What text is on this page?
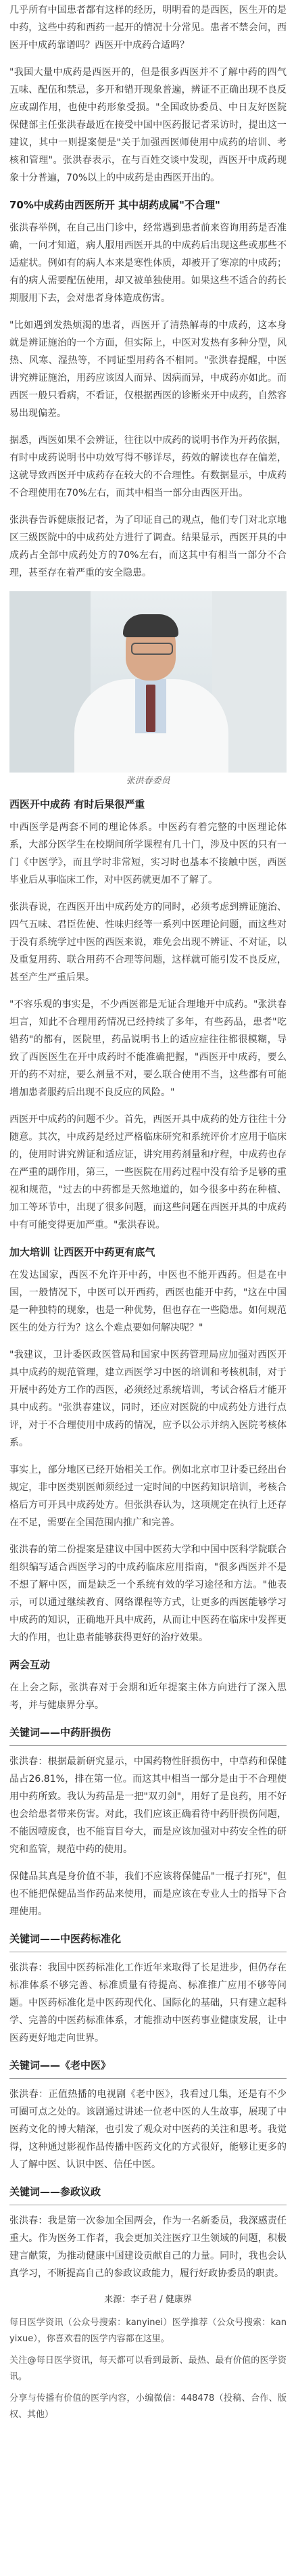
几乎所有中国患者都有这样的经历，明明看的是西医，医生开的是中药，这些中药和西药一起开的情况十分常见。患者不禁会问，西医开中成药靠谱吗？西医开中成药合适吗？

"我国大量中成药是西医开的，但是很多西医并不了解中药的四气五味、配伍和禁忌，多开和错开现象普遍，辨证不正确出现不良反应或副作用，也使中药形象受损。"全国政协委员、中日友好医院保健部主任张洪春最近在接受中国中医药报记者采访时，提出这一建议，其中一则提案便是"关于加强西医师使用中成药的培训、考核和管理"。张洪春表示，在与百姓交谈中发现，西医开中成药现象十分普遍，70%以上的中成药是由西医开出的。

70%中成药由西医所开 其中胡药成属"不合理"

张洪春举例，在自己出门诊中，经常遇到患者前来咨询用药是否准确，一问才知道，病人服用西医开具的中成药后出现这些或那些不适症状。例如有的病人本来是寒性体质，却被开了寒凉的中成药；有的病人需要配伍使用，却又被单独使用。如果这些不适合的药长期服用下去，会对患者身体造成伤害。

"比如遇到发热烦渴的患者，西医开了清热解毒的中成药，这本身就是辨证施治的一个方面，但实际上，中医对发热有多种分型，风热、风寒、湿热等，不同证型用药各不相同。"张洪春提醒，中医讲究辨证施治，用药应该因人而异、因病而异，中成药亦如此。而西医一般只看病，不看证，仅根据西医的诊断来开中成药，自然容易出现偏差。

据悉，西医如果不会辨证，往往以中成药的说明书作为开药依据，有时中成药说明书中功效写得不够详尽，药效的解读也存在偏差，这就导致西医开中成药存在较大的不合理性。有数据显示，中成药不合理使用在70%左右，而其中相当一部分由西医开出。

张洪春告诉健康报记者，为了印证自己的观点，他们专门对北京地区三级医院中的中成药处方进行了调查。结果显示，西医开具的中成药占全部中成药处方的70%左右，而这其中有相当一部分不合理，甚至存在着严重的安全隐患。

张洪春委员
西医开中成药 有时后果很严重

中西医学是两套不同的理论体系。中医药有着完整的中医理论体系，大部分医学生在校期间所学课程有几十门，涉及中医的只有一门《中医学》，而且学时非常短，实习时也基本不接触中医，西医毕业后从事临床工作，对中医药就更加不了解了。

张洪春说，在西医开出中成药处方的同时，必须考虑到辨证施治、四气五味、君臣佐使、性味归经等一系列中医理论问题，而这些对于没有系统学过中医的西医来说，难免会出现不辨证、不对证，以及重复用药、联合用药不合理等问题，这样就可能引发不良反应，甚至产生严重后果。

"不容乐观的事实是，不少西医都是无证合理地开中成药。"张洪春坦言，知此不合理用药情况已经持续了多年，有些药品，患者"吃错药"的都有，医院里，药品说明书上的适应症往往都很模糊，导致了西医医生在开中成药时不能准确把握，"西医开中成药，要么开的药不对症，要么剂量不对，要么联合使用不当，这些都有可能增加患者服药后出现不良反应的风险。"

西医开中成药的问题不少。首先，西医开具中成药的处方往往十分随意。其次，中成药是经过严格临床研究和系统评价才应用于临床的，使用时讲究辨证和适应证，讲究用药剂量和疗程，中成药也存在严重的副作用，第三，一些医院在用药过程中没有给予足够的重视和规范，"过去的中药都是天然地道的，如今很多中药在种植、加工等环节中，出现了很多问题，而这些问题在西医开具的中成药中有可能变得更加严重。"张洪春说。

加大培训 让西医开中药更有底气

在发达国家，西医不允许开中药，中医也不能开西药。但是在中国，一般情况下，中医可以开西药，西医也能开中药，"这在中国是一种独特的现象，也是一种优势，但也存在一些隐患。如何规范医生的处方行为？这么个难点要如何解决呢？"

"我建议，卫计委医政医管局和国家中医药管理局应加强对西医开具中成药的规范管理，建立西医学习中医的培训和考核机制，对于开展中药处方工作的西医，必须经过系统培训，考试合格后才能开具中成药。"张洪春建议，同时，还应对医院的中成药处方进行点评，对于不合理使用中成药的情况，应予以公示并纳入医院考核体系。

事实上，部分地区已经开始相关工作。例如北京市卫计委已经出台规定，非中医类别医师须经过一定时间的中医药知识培训，考核合格后方可开具中成药处方。但张洪春认为，这项规定在执行上还存在不足，需要在全国范围内推广和完善。

张洪春的第二份提案是建议中国中医药大学和中国中医科学院联合组织编写适合西医学习的中成药临床应用指南，"很多西医并不是不想了解中医，而是缺乏一个系统有效的学习途径和方法。"他表示，可以通过继续教育、网络课程等方式，让更多的西医能够学习中成药的知识，正确地开具中成药，从而让中医药在临床中发挥更大的作用，也让患者能够获得更好的治疗效果。

两会互动

在上会之际，张洪春对于会期和近年提案主体方向进行了深入思考，并与健康界分享。

关键词——中药肝损伤

张洪春：根据最新研究显示，中国药物性肝损伤中，中草药和保健品占26.81%，排在第一位。而这其中相当一部分是由于不合理使用中药所致。我认为药品是一把"双刃剑"，用好了是良药，用不好也会给患者带来伤害。对此，我们应该正确看待中药肝损伤问题，不能因噎废食，也不能盲目夸大，而是应该加强对中药安全性的研究和监管，规范中药的使用。

保健品其真是身价值不菲，我们不应该将保健品"一棍子打死"，但也不能把保健品当作药品来使用，而是应该在专业人士的指导下合理使用。

关键词——中医药标准化

张洪春：我国中医药标准化工作近年来取得了长足进步，但仍存在标准体系不够完善、标准质量有待提高、标准推广应用不够等问题。中医药标准化是中医药现代化、国际化的基础，只有建立起科学、完善的中医药标准体系，才能推动中医药事业健康发展，让中医药更好地走向世界。

关键词——《老中医》

张洪春：正值热播的电视剧《老中医》，我看过几集，还是有不少可圈可点之处的。该剧通过讲述一位老中医的人生故事，展现了中医药文化的博大精深，也引发了观众对中医药的关注和思考。我觉得，这种通过影视作品传播中医药文化的方式很好，能够让更多的人了解中医、认识中医、信任中医。

关键词——参政议政

张洪春：我是第一次参加全国两会，作为一名新委员，我深感责任重大。作为医务工作者，我会更加关注医疗卫生领域的问题，积极建言献策，为推动健康中国建设贡献自己的力量。同时，我也会认真学习，不断提高自己的参政议政能力，履行好政协委员的职责。

来源：李子君 / 健康界

每日医学资讯（公众号搜索：kanyinei）医学推荐（公众号搜索：kanyixue），你喜欢看的医学内容都在这里。

关注@每日医学资讯，每天都可以看到最新、最热、最有价值的医学资讯。

分享与传播有价值的医学内容，小编微信：448478（投稿、合作、版权、其他）
